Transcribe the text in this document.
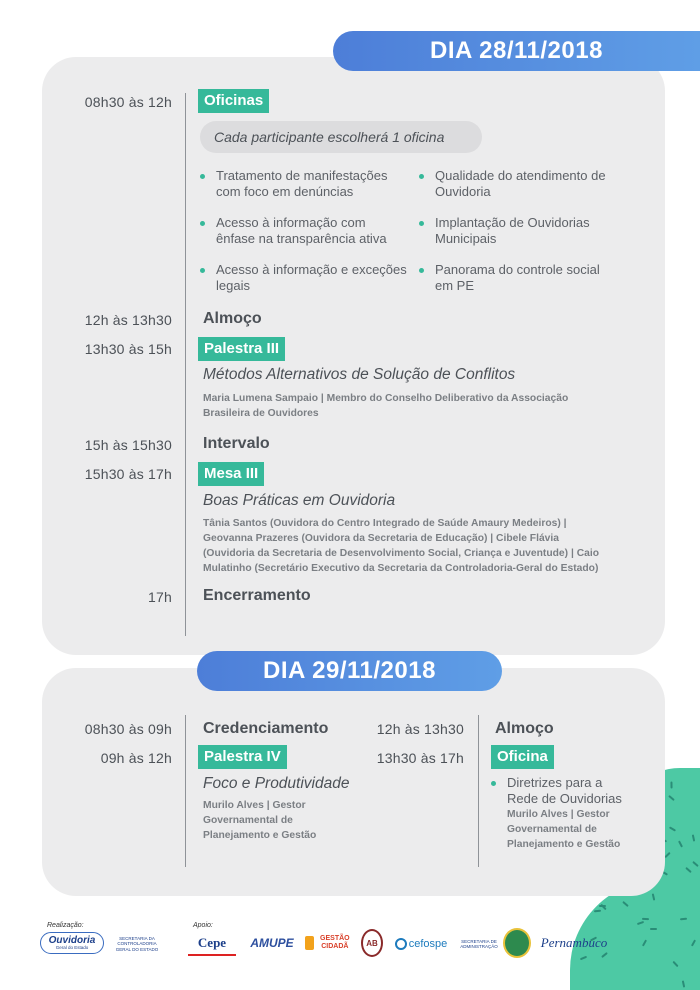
DIA 28/11/2018
08h30 às 12h	Oficinas
Cada participante escolherá 1 oficina
Tratamento de manifestações com foco em denúncias
Qualidade do atendimento de Ouvidoria
Acesso à informação com ênfase na transparência ativa
Implantação de Ouvidorias Municipais
Acesso à informação e exceções legais
Panorama do controle social em PE
12h às 13h30 Almoço
13h30 às 15h	Palestra III
Métodos Alternativos de Solução de Conflitos
Maria Lumena Sampaio | Membro do Conselho Deliberativo da Associação Brasileira de Ouvidores
15h às 15h30 Intervalo
15h30 às 17h	Mesa III
Boas Práticas em Ouvidoria
Tânia Santos (Ouvidora do Centro Integrado de Saúde Amaury Medeiros) | Geovanna Prazeres (Ouvidora da Secretaria de Educação) | Cibele Flávia (Ouvidoria da Secretaria de Desenvolvimento Social, Criança e Juventude) | Caio Mulatinho (Secretário Executivo da Secretaria da Controladoria-Geral do Estado)
17h Encerramento
DIA 29/11/2018
08h30 às 09h Credenciamento
09h às 12h	Palestra IV
Foco e Produtividade
Murilo Alves | Gestor Governamental de Planejamento e Gestão
12h às 13h30 Almoço
13h30 às 17h	Oficina
Diretrizes para a Rede de Ouvidorias
Murilo Alves | Gestor Governamental de Planejamento e Gestão
Realização:	Apoio:
Ouvidoria
Geral do Estado
SECRETARIA DA CONTROLADORIA GERAL DO ESTADO	Cepe	AMUPE	GESTÃO CIDADÃ	AB	cefospe	SECRETARIA DE ADMINISTRAÇÃO	Pernambuco
